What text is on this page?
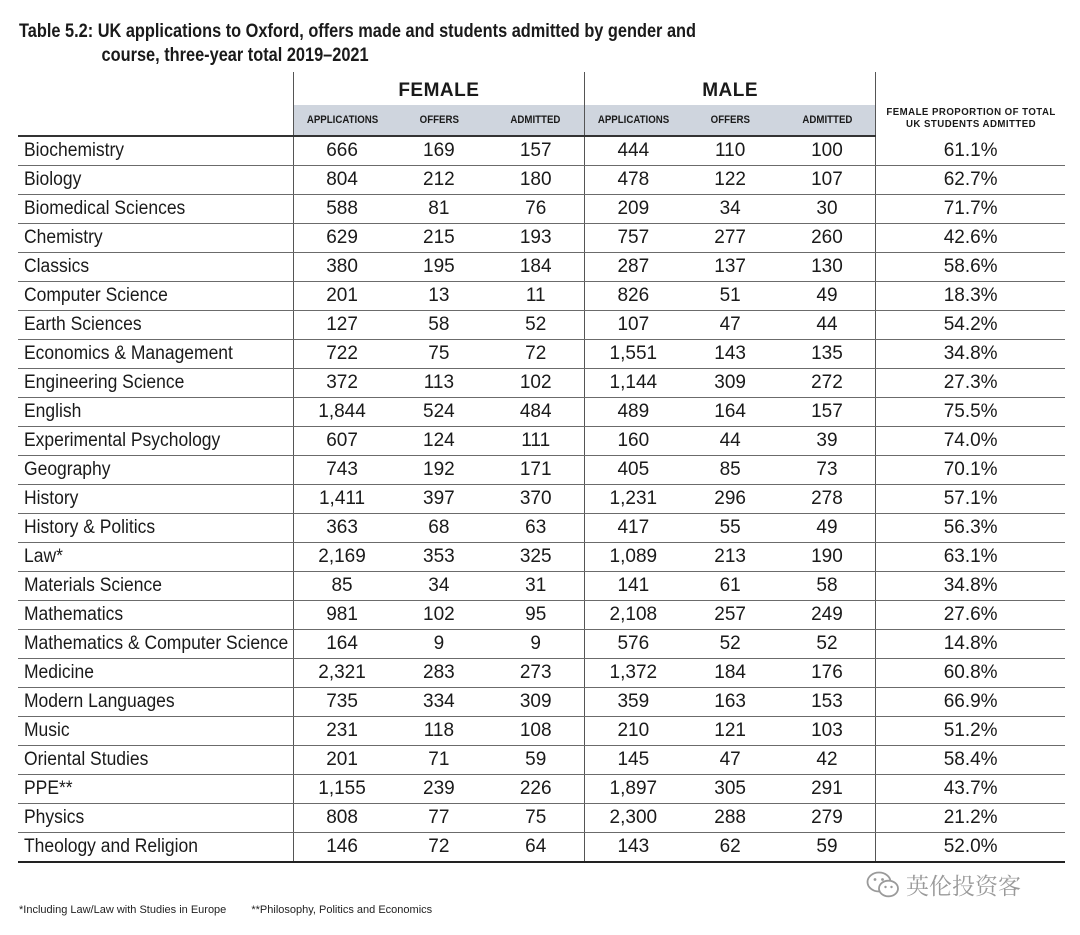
Table 5.2: UK applications to Oxford, offers made and students admitted by gender and
course, three-year total 2019–2021
	FEMALE			MALE			FEMALE PROPORTION OF TOTAL
UK STUDENTS ADMITTED
	APPLICATIONS	OFFERS	ADMITTED	APPLICATIONS	OFFERS	ADMITTED	
Biochemistry	666	169	157	444	110	100	61.1%
Biology	804	212	180	478	122	107	62.7%
Biomedical Sciences	588	81	76	209	34	30	71.7%
Chemistry	629	215	193	757	277	260	42.6%
Classics	380	195	184	287	137	130	58.6%
Computer Science	201	13	11	826	51	49	18.3%
Earth Sciences	127	58	52	107	47	44	54.2%
Economics & Management	722	75	72	1,551	143	135	34.8%
Engineering Science	372	113	102	1,144	309	272	27.3%
English	1,844	524	484	489	164	157	75.5%
Experimental Psychology	607	124	111	160	44	39	74.0%
Geography	743	192	171	405	85	73	70.1%
History	1,411	397	370	1,231	296	278	57.1%
History & Politics	363	68	63	417	55	49	56.3%
Law*	2,169	353	325	1,089	213	190	63.1%
Materials Science	85	34	31	141	61	58	34.8%
Mathematics	981	102	95	2,108	257	249	27.6%
Mathematics & Computer Science	164	9	9	576	52	52	14.8%
Medicine	2,321	283	273	1,372	184	176	60.8%
Modern Languages	735	334	309	359	163	153	66.9%
Music	231	118	108	210	121	103	51.2%
Oriental Studies	201	71	59	145	47	42	58.4%
PPE**	1,155	239	226	1,897	305	291	43.7%
Physics	808	77	75	2,300	288	279	21.2%
Theology and Religion	146	72	64	143	62	59	52.0%
*Including Law/Law with Studies in Europe **Philosophy, Politics and Economics
英伦投资客
